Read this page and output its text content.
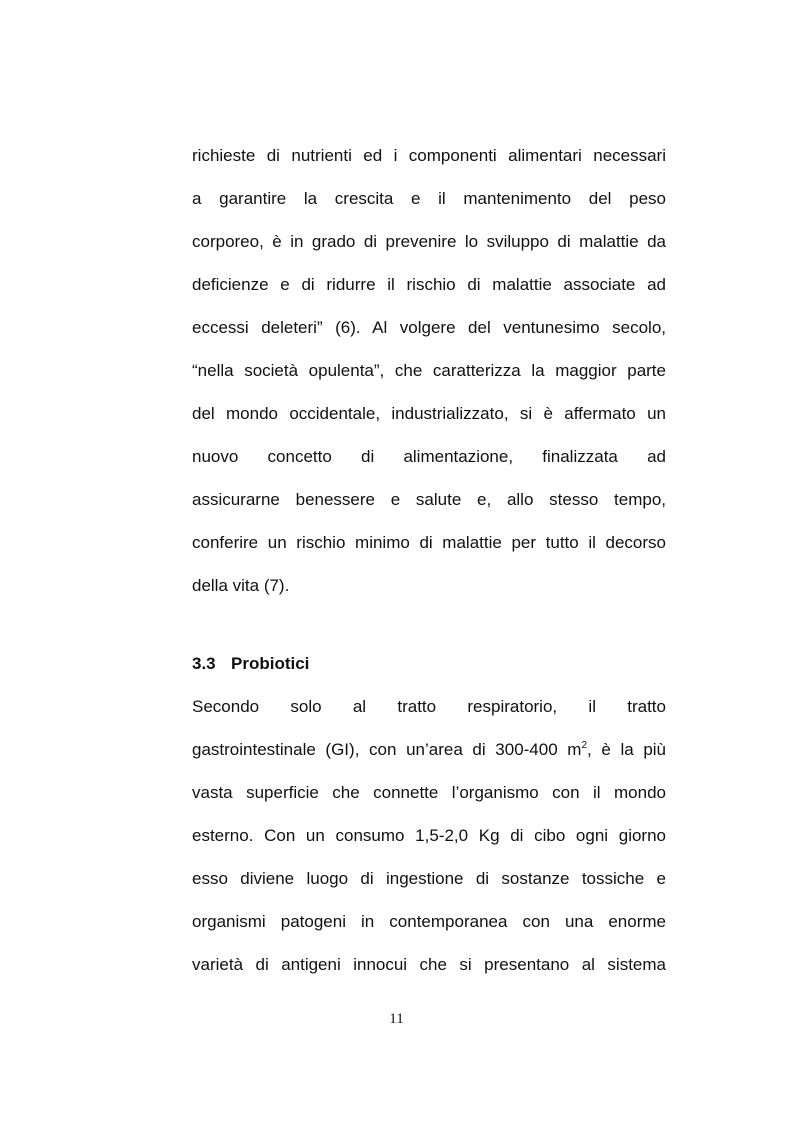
richieste di nutrienti ed i componenti alimentari necessari
a garantire la crescita e il mantenimento del peso
corporeo, è in grado di prevenire lo sviluppo di malattie da
deficienze e di ridurre il rischio di malattie associate ad
eccessi deleteri” (6). Al volgere del ventunesimo secolo,
“nella società opulenta”, che caratterizza la maggior parte
del mondo occidentale, industrializzato, si è affermato un
nuovo concetto di alimentazione, finalizzata ad
assicurarne benessere e salute e, allo stesso tempo,
conferire un rischio minimo di malattie per tutto il decorso
della vita (7).
3.3 Probiotici
Secondo solo al tratto respiratorio, il tratto
gastrointestinale (GI), con un’area di 300-400 $m^2$, è la più
vasta superficie che connette l’organismo con il mondo
esterno. Con un consumo 1,5-2,0 Kg di cibo ogni giorno
esso diviene luogo di ingestione di sostanze tossiche e
organismi patogeni in contemporanea con una enorme
varietà di antigeni innocui che si presentano al sistema
11
